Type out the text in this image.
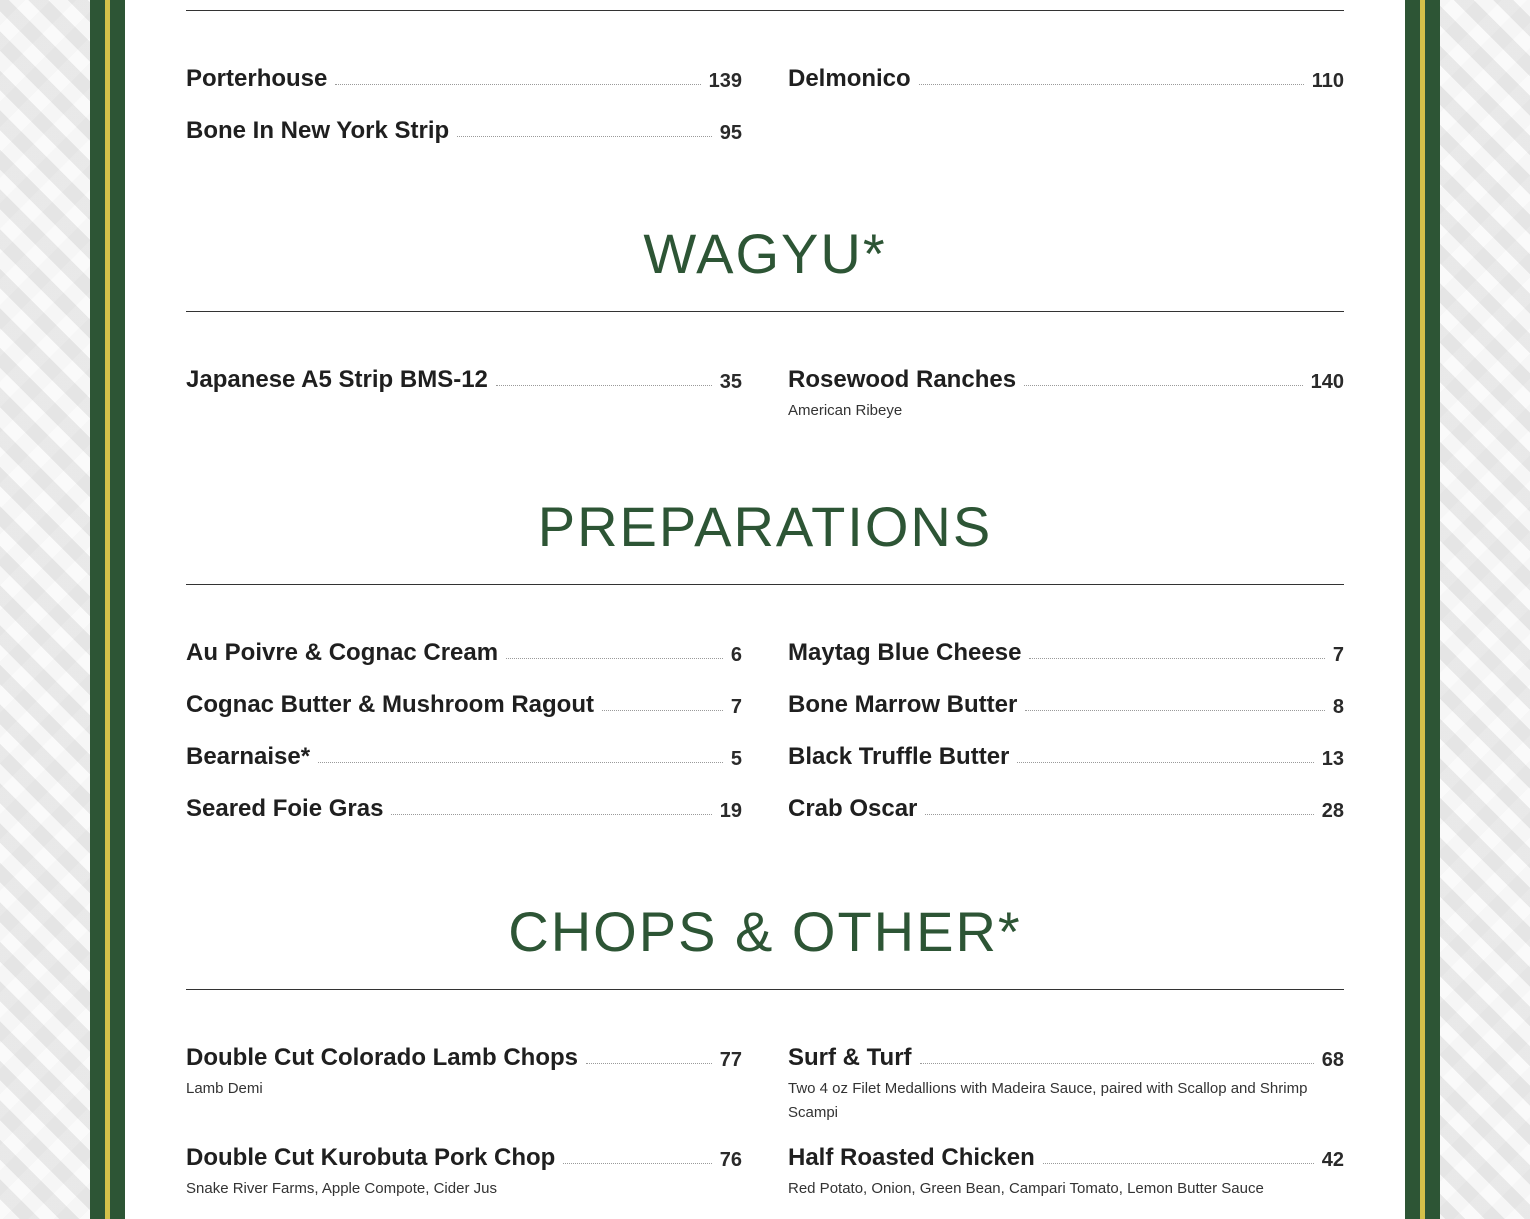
Porterhouse	139 Delmonico	110
Bone In New York Strip	95
WAGYU*
Japanese A5 Strip BMS-12	35 Rosewood Ranches	140
American Ribeye
PREPARATIONS
Au Poivre & Cognac Cream	6 Maytag Blue Cheese	7
Cognac Butter & Mushroom Ragout	7 Bone Marrow Butter	8
Bearnaise*	5 Black Truffle Butter	13
Seared Foie Gras	19 Crab Oscar	28
CHOPS & OTHER*
Double Cut Colorado Lamb Chops	77
Lamb Demi
Surf & Turf	68
Two 4 oz Filet Medallions with Madeira Sauce, paired with Scallop and Shrimp Scampi
Double Cut Kurobuta Pork Chop	76
Snake River Farms, Apple Compote, Cider Jus
Half Roasted Chicken	42
Red Potato, Onion, Green Bean, Campari Tomato, Lemon Butter Sauce
